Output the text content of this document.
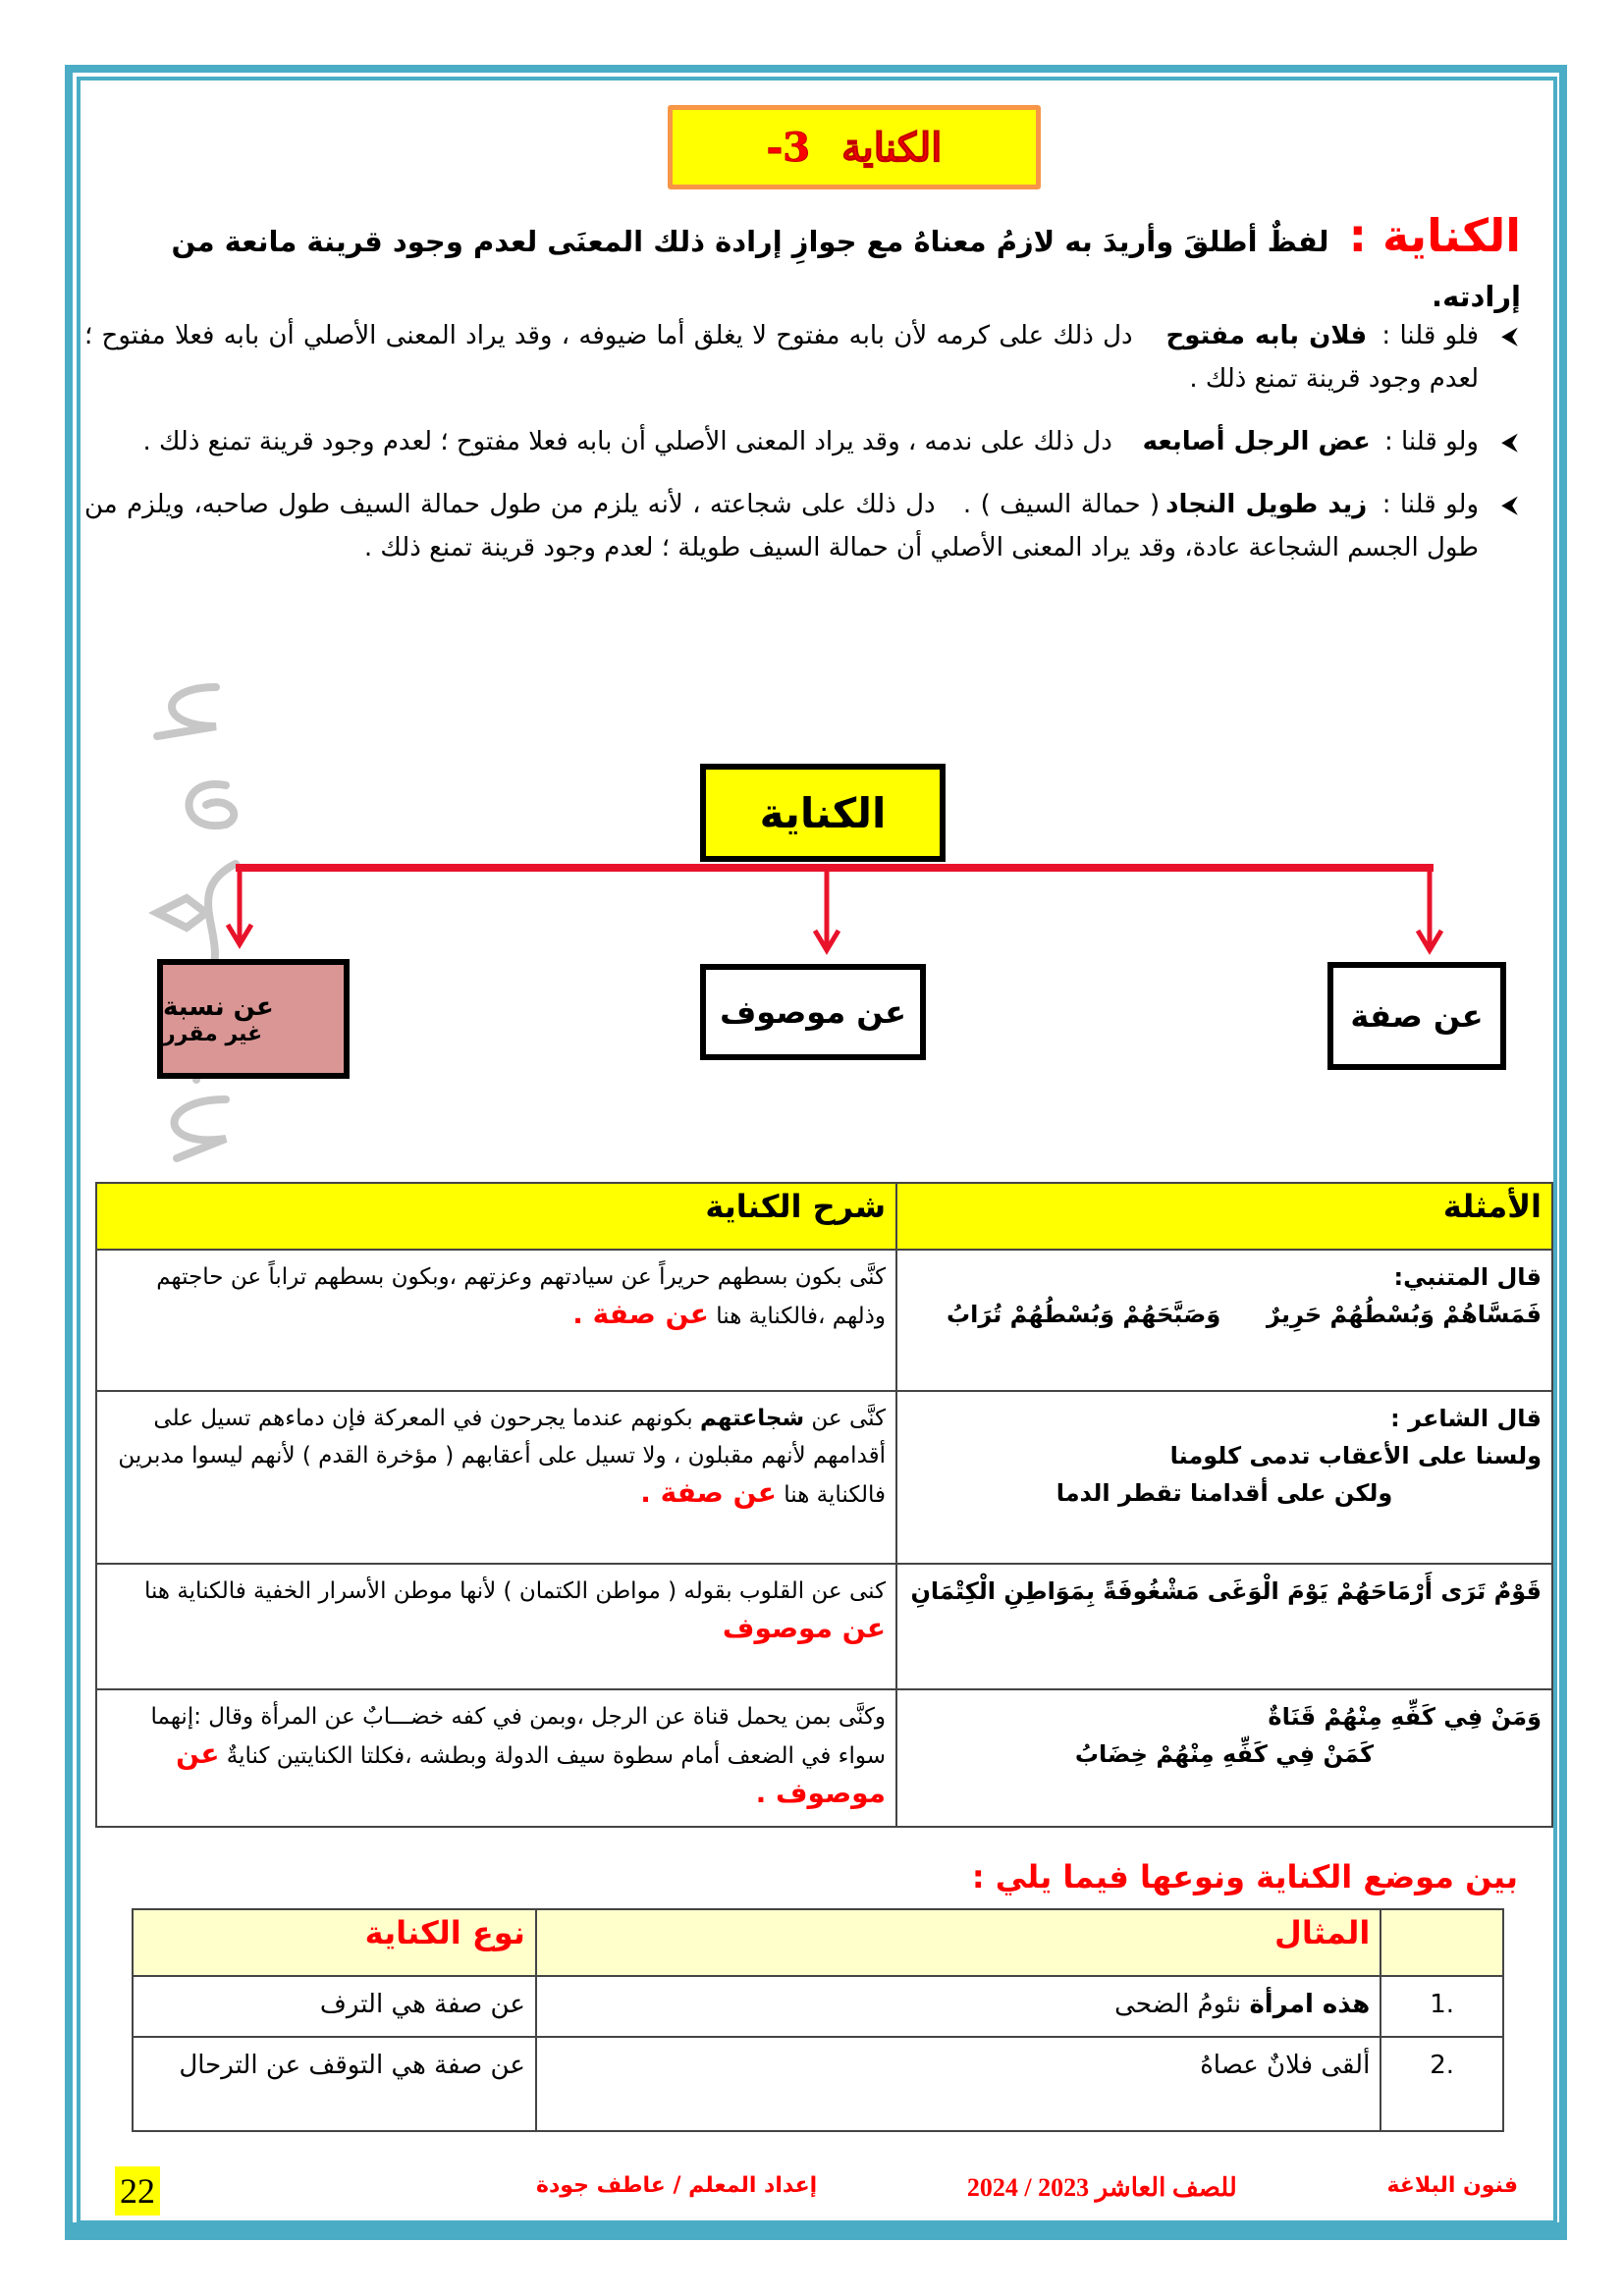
الكناية
-3
الكناية : لفظٌ أطلقَ وأريدَ به لازمُ معناهُ مع جوازِ إرادة ذلك المعنَى لعدم وجود قرينة مانعة من إرادته.
⮜
فلو قلنا : فلان بابه مفتوح   دل ذلك على كرمه لأن بابه مفتوح لا يغلق أما ضيوفه ، وقد يراد المعنى الأصلي أن بابه فعلا مفتوح ؛ لعدم وجود قرينة تمنع ذلك .
⮜
ولو قلنا : عض الرجل أصابعه   دل ذلك على ندمه ، وقد يراد المعنى الأصلي أن بابه فعلا مفتوح ؛ لعدم وجود قرينة تمنع ذلك .
⮜
ولو قلنا : زيد طويل النجاد( حمالة السيف ) .   دل ذلك على شجاعته ، لأنه يلزم من طول حمالة السيف طول صاحبه، ويلزم من طول الجسم الشجاعة عادة، وقد يراد المعنى الأصلي أن حمالة السيف طويلة ؛ لعدم وجود قرينة تمنع ذلك .
الكناية
عن صفة
عن موصوف
عن نسبة
غير مقرر
الأمثلة	شرح الكناية

قال المتنبي:
فَمَسَّاهُمْ وَبُسْطُهُمْ حَرِيرٌ
وَصَبَّحَهُمْ وَبُسْطُهُمْ تُرَابُ	كنَّى بكون بسطهم حريراً عن سيادتهم وعزتهم ،وبكون بسطهم تراباً عن حاجتهم وذلهم ،فالكناية هنا عن صفة .

قال الشاعر :
ولسنا على الأعقاب تدمى كلومنا
ولكن على أقدامنا تقطر الدما	كنَّى عن شجاعتهم بكونهم عندما يجرحون في المعركة فإن دماءهم تسيل على أقدامهم لأنهم مقبلون ، ولا تسيل على أعقابهم ( مؤخرة القدم ) لأنهم ليسوا مدبرين فالكناية هنا عن صفة .

قَوْمٌ تَرَى أَرْمَاحَهُمْ يَوْمَ الْوَغَى مَشْغُوفَةً بِمَوَاطِنِ الْكِتْمَانِ	كنى عن القلوب بقوله ( مواطن الكتمان ) لأنها موطن الأسرار الخفية فالكناية هنا عن موصوف

وَمَنْ فِي كَفِّهِ مِنْهُمْ قَنَاةٌ
كَمَنْ فِي كَفِّهِ مِنْهُمْ خِضَابُ	وكنَّى بمن يحمل قناة عن الرجل ،وبمن في كفه خضـــابٌ عن المرأة وقال :إنهما سواء في الضعف أمام سطوة سيف الدولة وبطشه ،فكلتا الكنايتين كنايةٌ عن موصوف .
بين موضع الكناية ونوعها فيما يلي :
	المثال	نوع الكناية
1.	هذه امرأة نئومُ الضحى	عن صفة هي الترف
2.	ألقى فلانٌ عصاهُ	عن صفة هي التوقف عن الترحال
22	فنون البلاغة
للصف العاشر 2023 / 2024
إعداد المعلم / عاطف جودة
